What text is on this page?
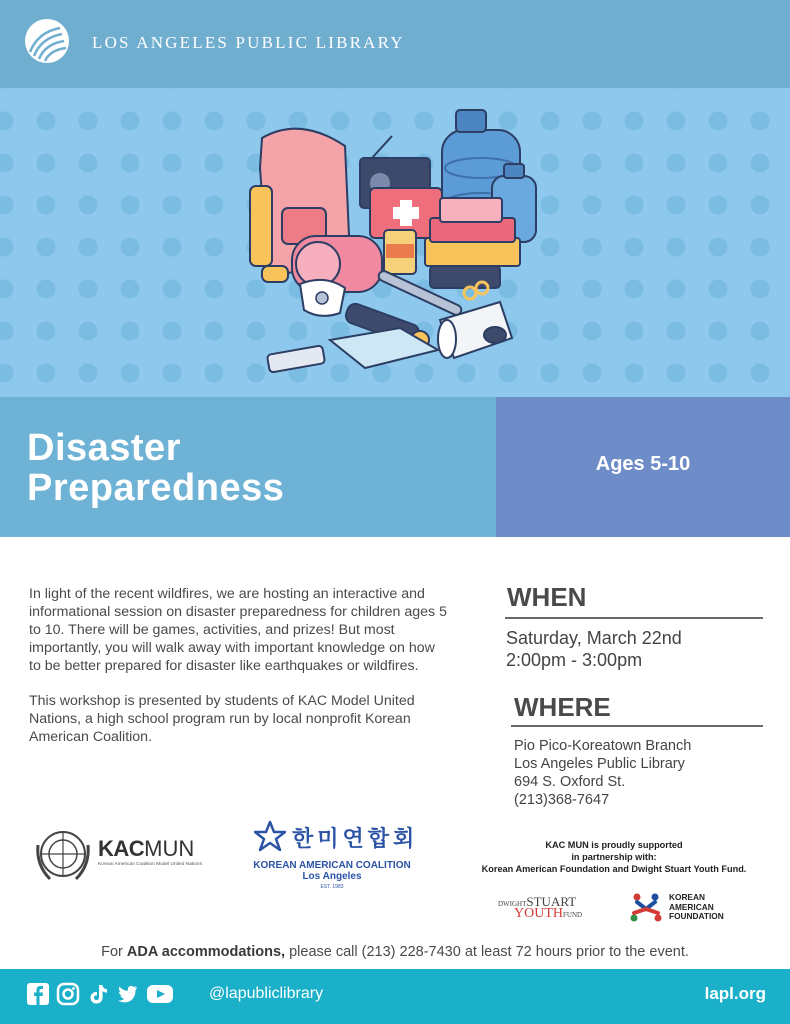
LOS ANGELES PUBLIC LIBRARY
Disaster
Preparedness
Ages 5-10

In light of the recent wildfires, we are hosting an interactive and informational session on disaster preparedness for children ages 5 to 10. There will be games, activities, and prizes! But most importantly, you will walk away with important knowledge on how to be better prepared for disaster like earthquakes or wildfires.

This workshop is presented by students of KAC Model United Nations, a high school program run by local nonprofit Korean American Coalition.

WHEN
Saturday, March 22nd
2:00pm - 3:00pm
WHERE
Pio Pico-Koreatown Branch
Los Angeles Public Library
694 S. Oxford St.
(213)368-7647
KACMUN
Korean American Coalition Model United Nations
한미연합회
KOREAN AMERICAN COALITION
Los Angeles
EST. 1983
KAC MUN is proudly supported
in partnership with:
Korean American Foundation and Dwight Stuart Youth Fund.
DWIGHTSTUART
YOUTHFUND
KOREAN
AMERICAN
FOUNDATION
For ADA accommodations, please call (213) 228-7430 at least 72 hours prior to the event.
@lapubliclibrary	lapl.org
